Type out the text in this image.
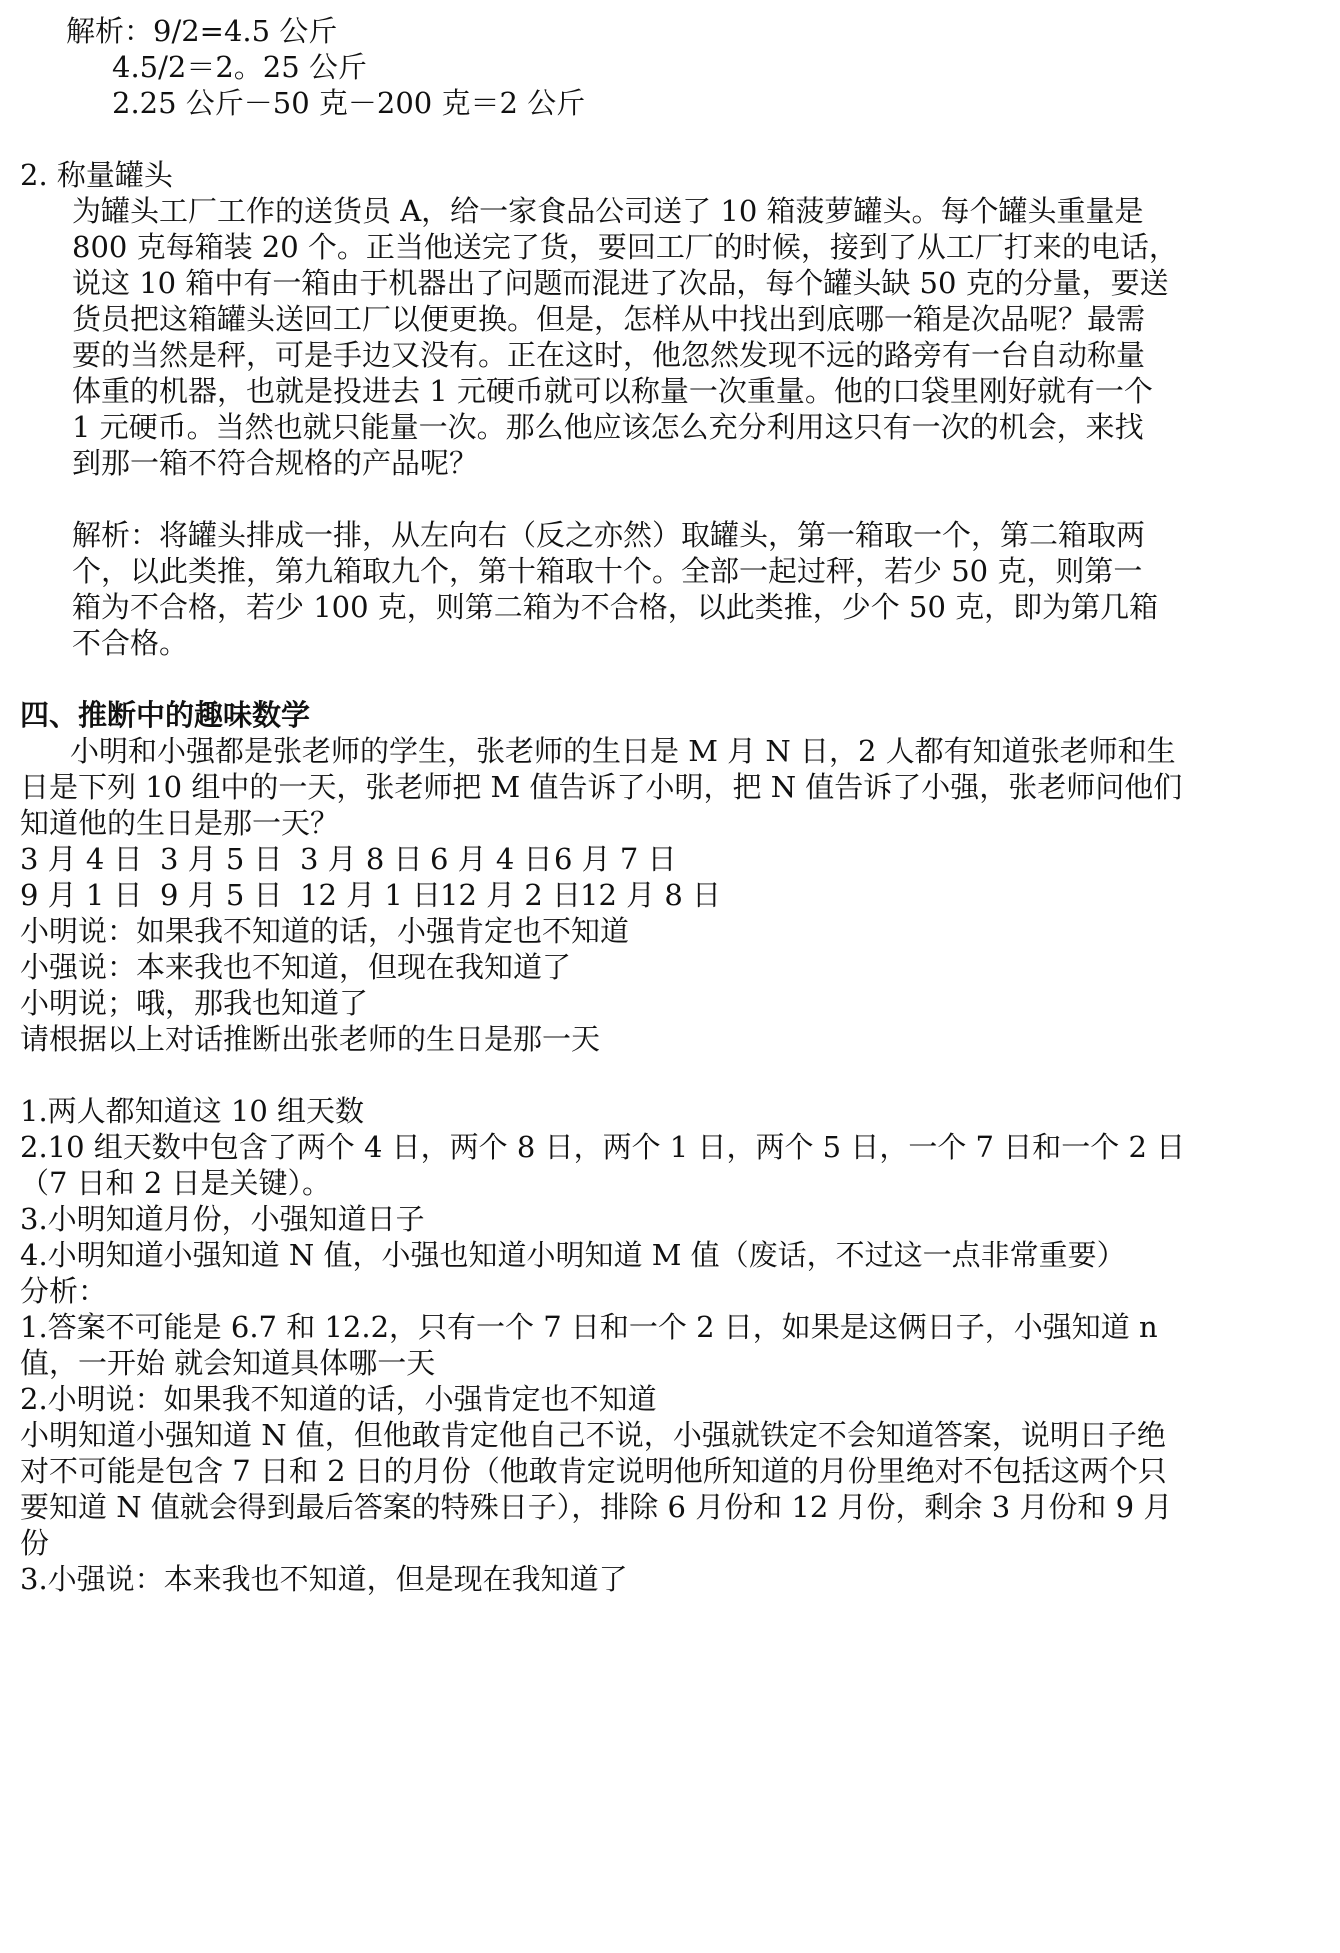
解析：9/2=4.5 公斤
4.5/2＝2。25 公斤
2.25 公斤－50 克－200 克＝2 公斤
2. 称量罐头
为罐头工厂工作的送货员 A，给一家食品公司送了 10 箱菠萝罐头。每个罐头重量是
800 克每箱装 20 个。正当他送完了货，要回工厂的时候，接到了从工厂打来的电话，
说这 10 箱中有一箱由于机器出了问题而混进了次品，每个罐头缺 50 克的分量，要送
货员把这箱罐头送回工厂以便更换。但是，怎样从中找出到底哪一箱是次品呢？最需
要的当然是秤，可是手边又没有。正在这时，他忽然发现不远的路旁有一台自动称量
体重的机器，也就是投进去 1 元硬币就可以称量一次重量。他的口袋里刚好就有一个
1 元硬币。当然也就只能量一次。那么他应该怎么充分利用这只有一次的机会，来找
到那一箱不符合规格的产品呢？
解析：将罐头排成一排，从左向右（反之亦然）取罐头，第一箱取一个，第二箱取两
个，以此类推，第九箱取九个，第十箱取十个。全部一起过秤，若少 50 克，则第一
箱为不合格，若少 100 克，则第二箱为不合格，以此类推，少个 50 克，即为第几箱
不合格。
四、推断中的趣味数学
小明和小强都是张老师的学生，张老师的生日是 M 月 N 日，2 人都有知道张老师和生
日是下列 10 组中的一天，张老师把 M 值告诉了小明，把 N 值告诉了小强，张老师问他们
知道他的生日是那一天？
3 月 4 日 3 月 5 日 3 月 8 日 6 月 4 日6 月 7 日
9 月 1 日 9 月 5 日 12 月 1 日12 月 2 日12 月 8 日
小明说：如果我不知道的话，小强肯定也不知道
小强说：本来我也不知道，但现在我知道了
小明说；哦，那我也知道了
请根据以上对话推断出张老师的生日是那一天
1.两人都知道这 10 组天数
2.10 组天数中包含了两个 4 日，两个 8 日，两个 1 日，两个 5 日，一个 7 日和一个 2 日
（7 日和 2 日是关键）。
3.小明知道月份，小强知道日子
4.小明知道小强知道 N 值，小强也知道小明知道 M 值（废话，不过这一点非常重要）
分析：
1.答案不可能是 6.7 和 12.2，只有一个 7 日和一个 2 日，如果是这俩日子，小强知道 n
值，一开始 就会知道具体哪一天
2.小明说：如果我不知道的话，小强肯定也不知道
小明知道小强知道 N 值，但他敢肯定他自己不说，小强就铁定不会知道答案，说明日子绝
对不可能是包含 7 日和 2 日的月份（他敢肯定说明他所知道的月份里绝对不包括这两个只
要知道 N 值就会得到最后答案的特殊日子），排除 6 月份和 12 月份，剩余 3 月份和 9 月
份
3.小强说：本来我也不知道，但是现在我知道了
